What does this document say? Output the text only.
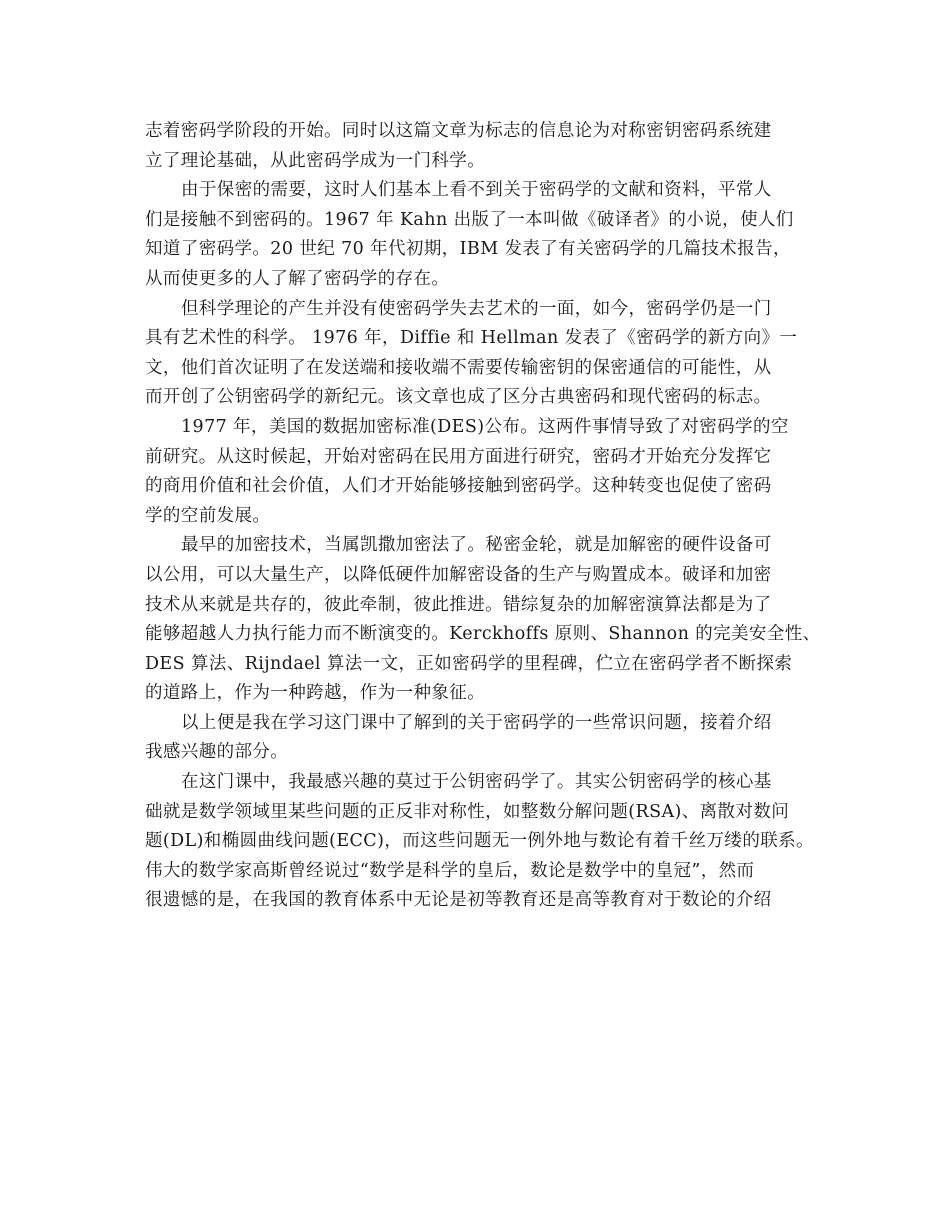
志着密码学阶段的开始。同时以这篇文章为标志的信息论为对称密钥密码系统建
立了理论基础，从此密码学成为一门科学。
由于保密的需要，这时人们基本上看不到关于密码学的文献和资料，平常人
们是接触不到密码的。1967 年 Kahn 出版了一本叫做《破译者》的小说，使人们
知道了密码学。20 世纪 70 年代初期，IBM 发表了有关密码学的几篇技术报告，
从而使更多的人了解了密码学的存在。
但科学理论的产生并没有使密码学失去艺术的一面，如今，密码学仍是一门
具有艺术性的科学。 1976 年，Diffie 和 Hellman 发表了《密码学的新方向》一
文，他们首次证明了在发送端和接收端不需要传输密钥的保密通信的可能性，从
而开创了公钥密码学的新纪元。该文章也成了区分古典密码和现代密码的标志。
1977 年，美国的数据加密标准(DES)公布。这两件事情导致了对密码学的空
前研究。从这时候起，开始对密码在民用方面进行研究，密码才开始充分发挥它
的商用价值和社会价值，人们才开始能够接触到密码学。这种转变也促使了密码
学的空前发展。
最早的加密技术，当属凯撒加密法了。秘密金轮，就是加解密的硬件设备可
以公用，可以大量生产，以降低硬件加解密设备的生产与购置成本。破译和加密
技术从来就是共存的，彼此牵制，彼此推进。错综复杂的加解密演算法都是为了
能够超越人力执行能力而不断演变的。Kerckhoffs 原则、Shannon 的完美安全性、
DES 算法、Rijndael 算法一文，正如密码学的里程碑，伫立在密码学者不断探索
的道路上，作为一种跨越，作为一种象征。
以上便是我在学习这门课中了解到的关于密码学的一些常识问题，接着介绍
我感兴趣的部分。
在这门课中，我最感兴趣的莫过于公钥密码学了。其实公钥密码学的核心基
础就是数学领域里某些问题的正反非对称性，如整数分解问题(RSA)、离散对数问
题(DL)和椭圆曲线问题(ECC)，而这些问题无一例外地与数论有着千丝万缕的联系。
伟大的数学家高斯曾经说过“数学是科学的皇后，数论是数学中的皇冠”，然而
很遗憾的是，在我国的教育体系中无论是初等教育还是高等教育对于数论的介绍
